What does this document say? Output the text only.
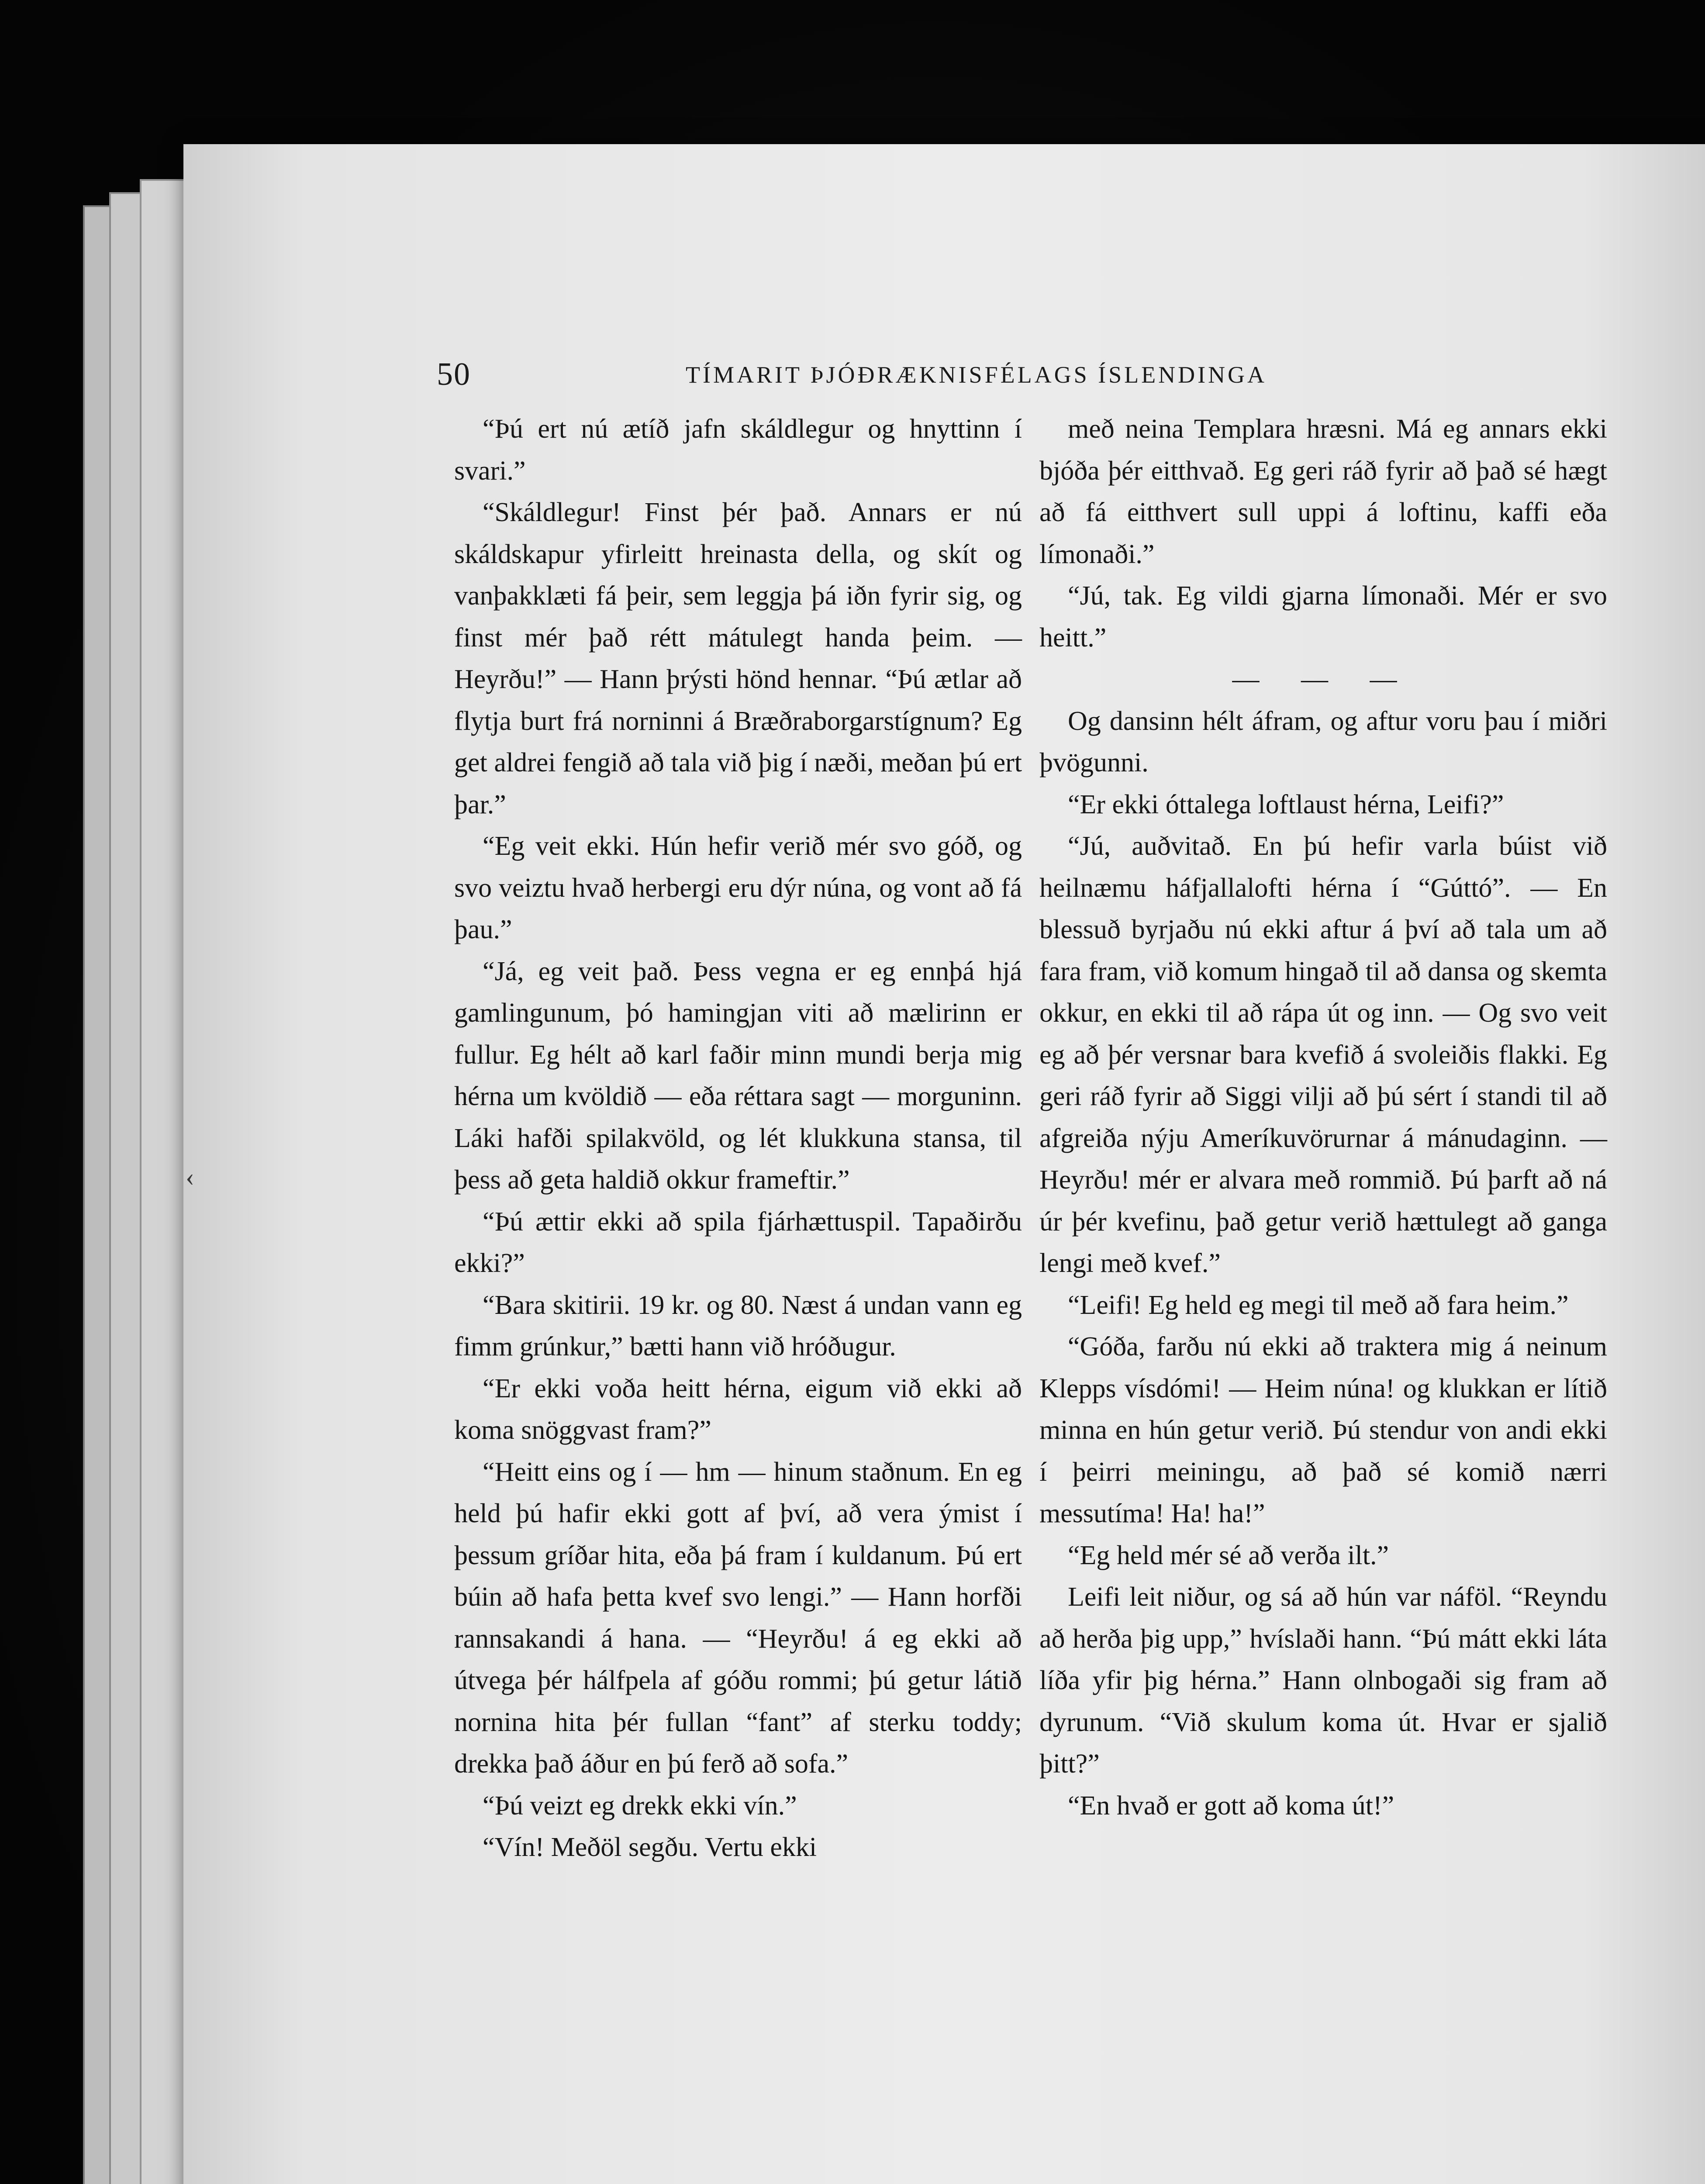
50	TÍMARIT ÞJÓÐRÆKNISFÉLAGS ÍSLENDINGA

“Þú ert nú ætíð jafn skáldlegur og hnyttinn í svari.”

“Skáldlegur! Finst þér það. Annars er nú skáldskapur yfirleitt hreinasta della, og skít og vanþakklæti fá þeir, sem leggja þá iðn fyrir sig, og finst mér það rétt mátulegt handa þeim. — Heyrðu!” — Hann þrýsti hönd hennar. “Þú ætlar að flytja burt frá norninni á Bræðraborgarstígnum? Eg get aldrei fengið að tala við þig í næði, meðan þú ert þar.”

“Eg veit ekki. Hún hefir verið mér svo góð, og svo veiztu hvað herbergi eru dýr núna, og vont að fá þau.”

“Já, eg veit það. Þess vegna er eg ennþá hjá gamlingunum, þó hamingjan viti að mælirinn er fullur. Eg hélt að karl faðir minn mundi berja mig hérna um kvöldið — eða réttara sagt — morguninn. Láki hafði spilakvöld, og lét klukkuna stansa, til þess að geta haldið okkur frameftir.”

“Þú ættir ekki að spila fjárhættuspil. Tapaðirðu ekki?”

“Bara skitirii. 19 kr. og 80. Næst á undan vann eg fimm grúnkur,” bætti hann við hróðugur.

“Er ekki voða heitt hérna, eigum við ekki að koma snöggvast fram?”

“Heitt eins og í — hm — hinum staðnum. En eg held þú hafir ekki gott af því, að vera ýmist í þessum gríðar hita, eða þá fram í kuldanum. Þú ert búin að hafa þetta kvef svo lengi.” — Hann horfði rannsakandi á hana. — “Heyrðu! á eg ekki að útvega þér hálfpela af góðu rommi; þú getur látið nornina hita þér fullan “fant” af sterku toddy; drekka það áður en þú ferð að sofa.”

“Þú veizt eg drekk ekki vín.”

“Vín! Meðöl segðu. Vertu ekki

með neina Templara hræsni. Má eg annars ekki bjóða þér eitthvað. Eg geri ráð fyrir að það sé hægt að fá eitthvert sull uppi á loftinu, kaffi eða límonaði.”

“Jú, tak. Eg vildi gjarna límonaði. Mér er svo heitt.”

— — —

Og dansinn hélt áfram, og aftur voru þau í miðri þvögunni.

“Er ekki óttalega loftlaust hérna, Leifi?”

“Jú, auðvitað. En þú hefir varla búist við heilnæmu háfjallalofti hérna í “Gúttó”. — En blessuð byrjaðu nú ekki aftur á því að tala um að fara fram, við komum hingað til að dansa og skemta okkur, en ekki til að rápa út og inn. — Og svo veit eg að þér versnar bara kvefið á svoleiðis flakki. Eg geri ráð fyrir að Siggi vilji að þú sért í standi til að afgreiða nýju Ameríkuvörurnar á mánudaginn. — Heyrðu! mér er alvara með rommið. Þú þarft að ná úr þér kvefinu, það getur verið hættulegt að ganga lengi með kvef.”

“Leifi! Eg held eg megi til með að fara heim.”

“Góða, farðu nú ekki að traktera mig á neinum Klepps vísdómi! — Heim núna! og klukkan er lítið minna en hún getur verið. Þú stendur von andi ekki í þeirri meiningu, að það sé komið nærri messutíma! Ha! ha!”

“Eg held mér sé að verða ilt.”

Leifi leit niður, og sá að hún var náföl. “Reyndu að herða þig upp,” hvíslaði hann. “Þú mátt ekki láta líða yfir þig hérna.” Hann olnbogaði sig fram að dyrunum. “Við skulum koma út. Hvar er sjalið þitt?”

“En hvað er gott að koma út!”

‹
